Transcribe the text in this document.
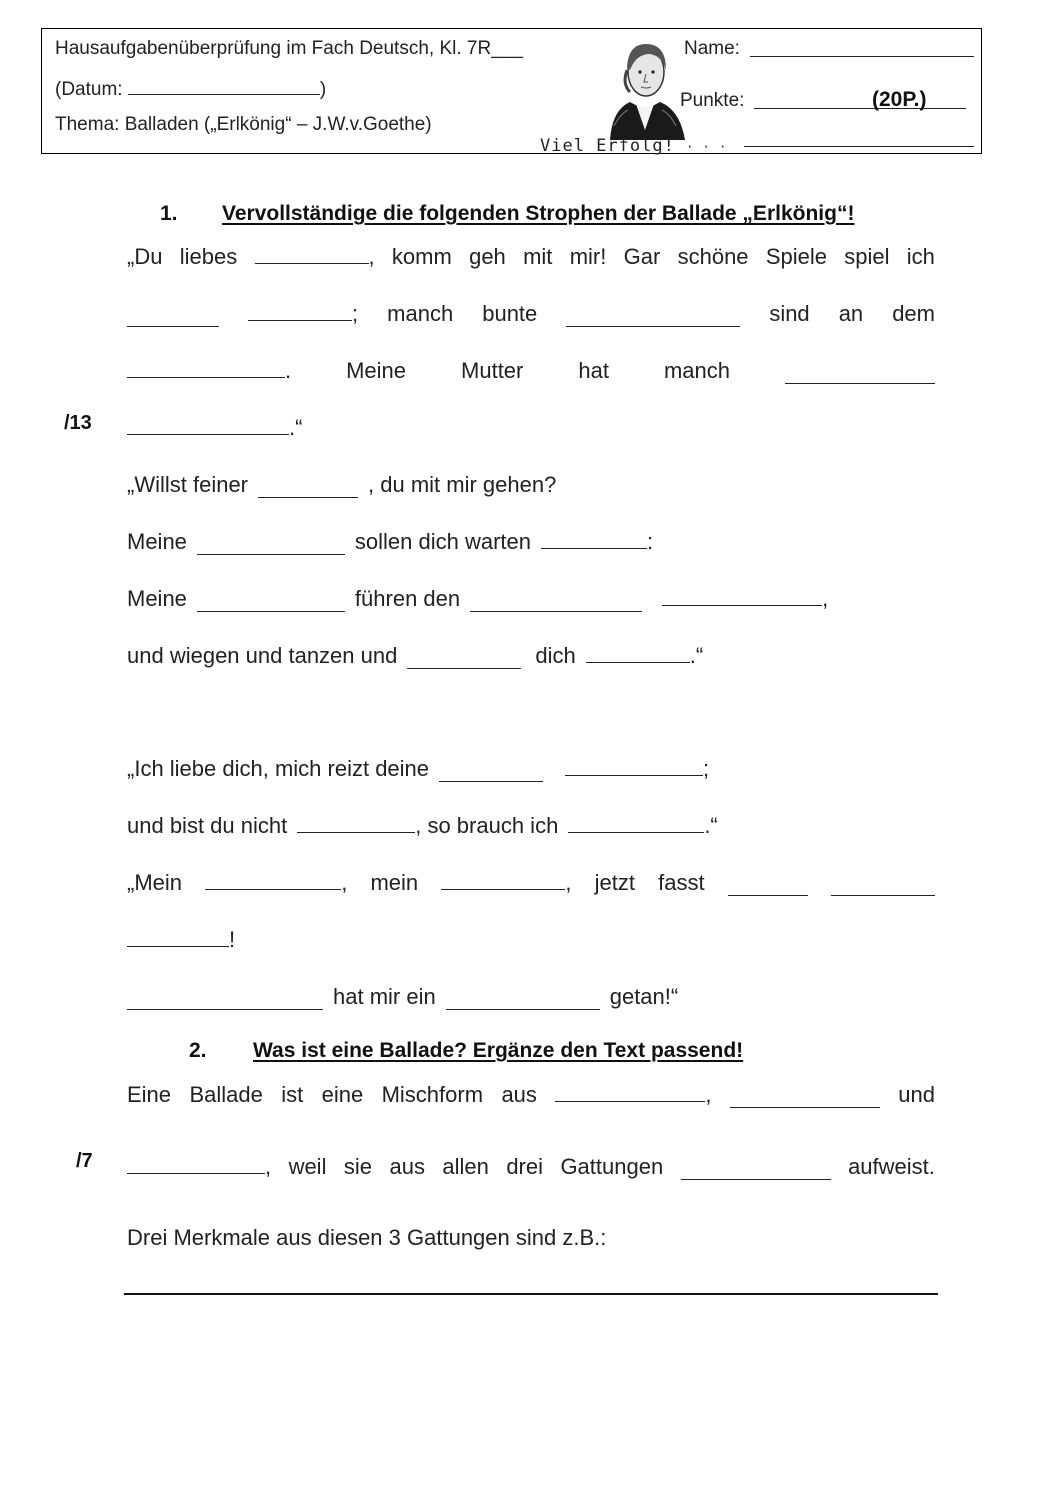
Hausaufgabenüberprüfung im Fach Deutsch, Kl. 7R___
(Datum:	)
Thema: Balladen („Erlkönig“ – J.W.v.Goethe)
Name:
Punkte:	(20P.)
Viel Erfolg! · · ·
1. Vervollständige die folgenden Strophen der Ballade „Erlkönig“!
„Du liebes	, komm geh mit mir! Gar schöne Spiele spiel ich
; manch bunte	sind an dem
. Meine Mutter hat manch
/13	.“
„Willst feiner	, du mit mir gehen?
Meine	sollen dich warten	:
Meine	führen den	,
und wiegen und tanzen und	dich	.“
„Ich liebe dich, mich reizt deine	;
und bist du nicht	, so brauch ich	.“
„Mein	, mein	, jetzt fasst
!
hat mir ein	getan!“
2. Was ist eine Ballade? Ergänze den Text passend!
Eine Ballade ist eine Mischform aus	,	und
/7	, weil sie aus allen drei Gattungen	aufweist.
Drei Merkmale aus diesen 3 Gattungen sind z.B.:
